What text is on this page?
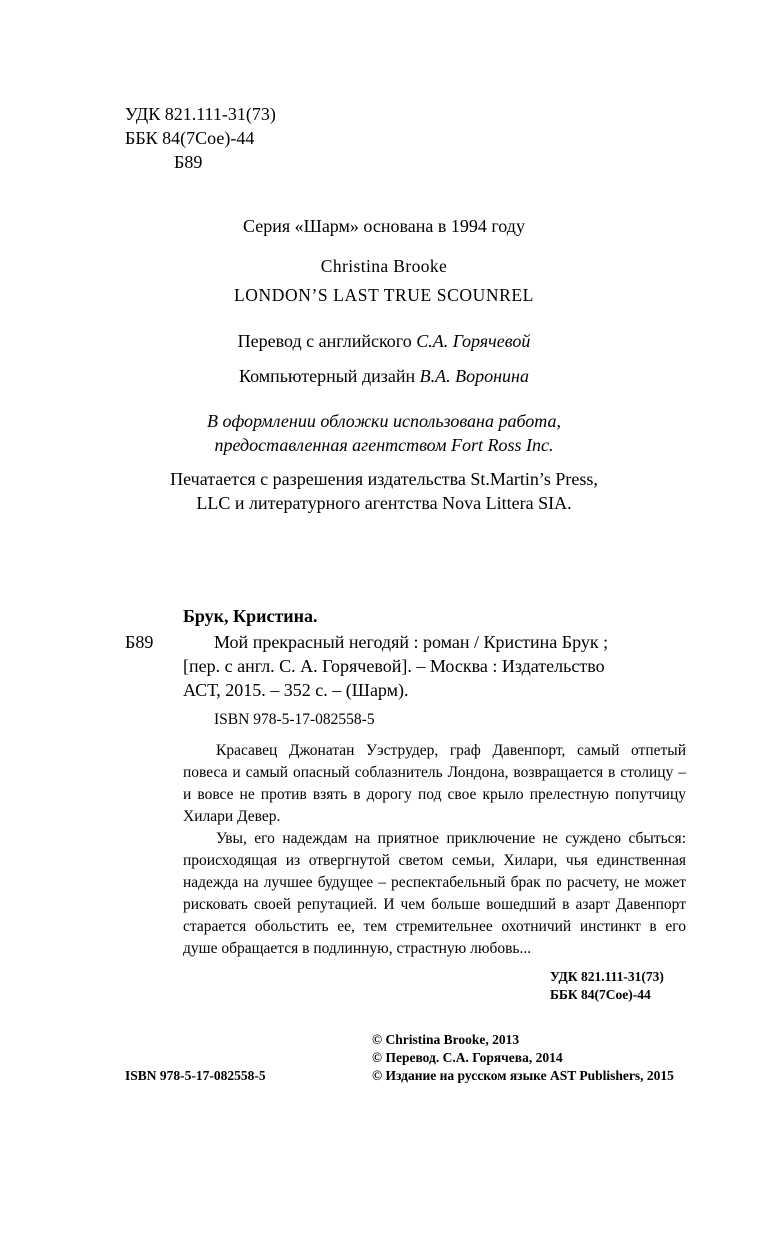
УДК 821.111-31(73)
ББК 84(7Сое)-44
Б89
Серия «Шарм» основана в 1994 году
Christina Brooke
LONDON’S LAST TRUE SCOUNREL
Перевод с английского С.А. Горячевой
Компьютерный дизайн В.А. Воронина
В оформлении обложки использована работа,
предоставленная агентством Fort Ross Inc.
Печатается с разрешения издательства St.Martin’s Press,
LLC и литературного агентства Nova Littera SIA.
Брук, Кристина.
Б89	Мой прекрасный негодяй : роман / Кристина Брук ;
[пер. с англ. С. А. Горячевой]. – Москва : Издательство
АСТ, 2015. – 352 с. – (Шарм).
ISBN 978-5-17-082558-5
Красавец Джонатан Уэструдер, граф Давенпорт, самый отпетый повеса и самый опасный соблазнитель Лондона, возвращается в столицу – и вовсе не против взять в дорогу под свое крыло прелестную попутчицу Хилари Девер.
Увы, его надеждам на приятное приключение не суждено сбыться: происходящая из отвергнутой светом семьи, Хилари, чья единственная надежда на лучшее будущее – респектабельный брак по расчету, не может рисковать своей репутацией. И чем больше вошедший в азарт Давенпорт старается обольстить ее, тем стремительнее охотничий инстинкт в его душе обращается в подлинную, страстную любовь...
УДК 821.111-31(73)
ББК 84(7Сое)-44
ISBN 978-5-17-082558-5
© Christina Brooke, 2013
© Перевод. С.А. Горячева, 2014
© Издание на русском языке AST Publishers, 2015
